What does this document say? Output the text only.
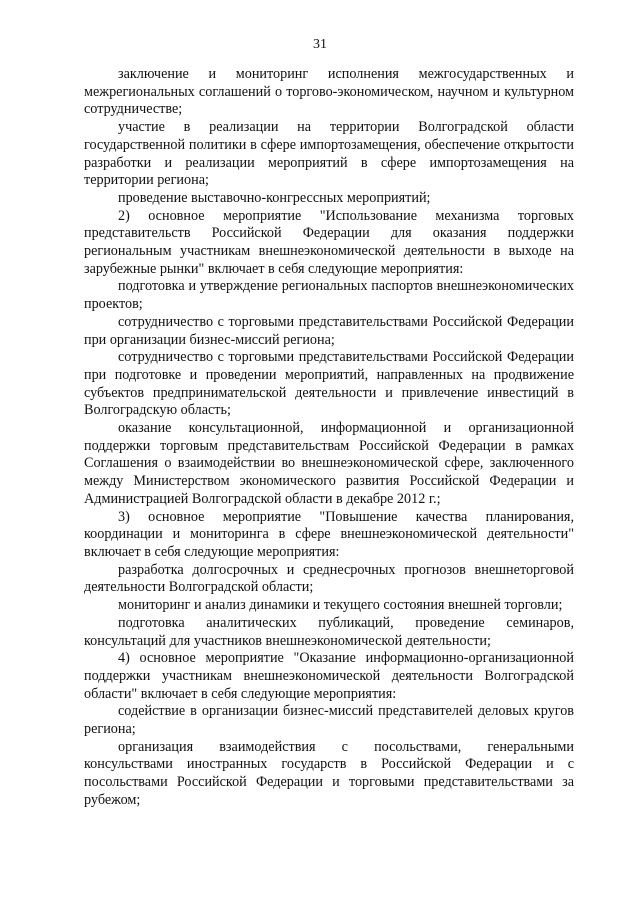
31

заключение и мониторинг исполнения межгосударственных и межрегиональных соглашений о торгово-экономическом, научном и культурном сотрудничестве;

участие в реализации на территории Волгоградской области государственной политики в сфере импортозамещения, обеспечение открытости разработки и реализации мероприятий в сфере импортозамещения на территории региона;

проведение выставочно-конгрессных мероприятий;

2) основное мероприятие "Использование механизма торговых представительств Российской Федерации для оказания поддержки региональным участникам внешнеэкономической деятельности в выходе на зарубежные рынки" включает в себя следующие мероприятия:

подготовка и утверждение региональных паспортов внешнеэкономических проектов;

сотрудничество с торговыми представительствами Российской Федерации при организации бизнес-миссий региона;

сотрудничество с торговыми представительствами Российской Федерации при подготовке и проведении мероприятий, направленных на продвижение субъектов предпринимательской деятельности и привлечение инвестиций в Волгоградскую область;

оказание консультационной, информационной и организационной поддержки торговым представительствам Российской Федерации в рамках Соглашения о взаимодействии во внешнеэкономической сфере, заключенного между Министерством экономического развития Российской Федерации и Администрацией Волгоградской области в декабре 2012 г.;

3) основное мероприятие "Повышение качества планирования, координации и мониторинга в сфере внешнеэкономической деятельности" включает в себя следующие мероприятия:

разработка долгосрочных и среднесрочных прогнозов внешнеторговой деятельности Волгоградской области;

мониторинг и анализ динамики и текущего состояния внешней торговли;

подготовка аналитических публикаций, проведение семинаров, консультаций для участников внешнеэкономической деятельности;

4) основное мероприятие "Оказание информационно-организационной поддержки участникам внешнеэкономической деятельности Волгоградской области" включает в себя следующие мероприятия:

содействие в организации бизнес-миссий представителей деловых кругов региона;

организация взаимодействия с посольствами, генеральными консульствами иностранных государств в Российской Федерации и с посольствами Российской Федерации и торговыми представительствами за рубежом;
